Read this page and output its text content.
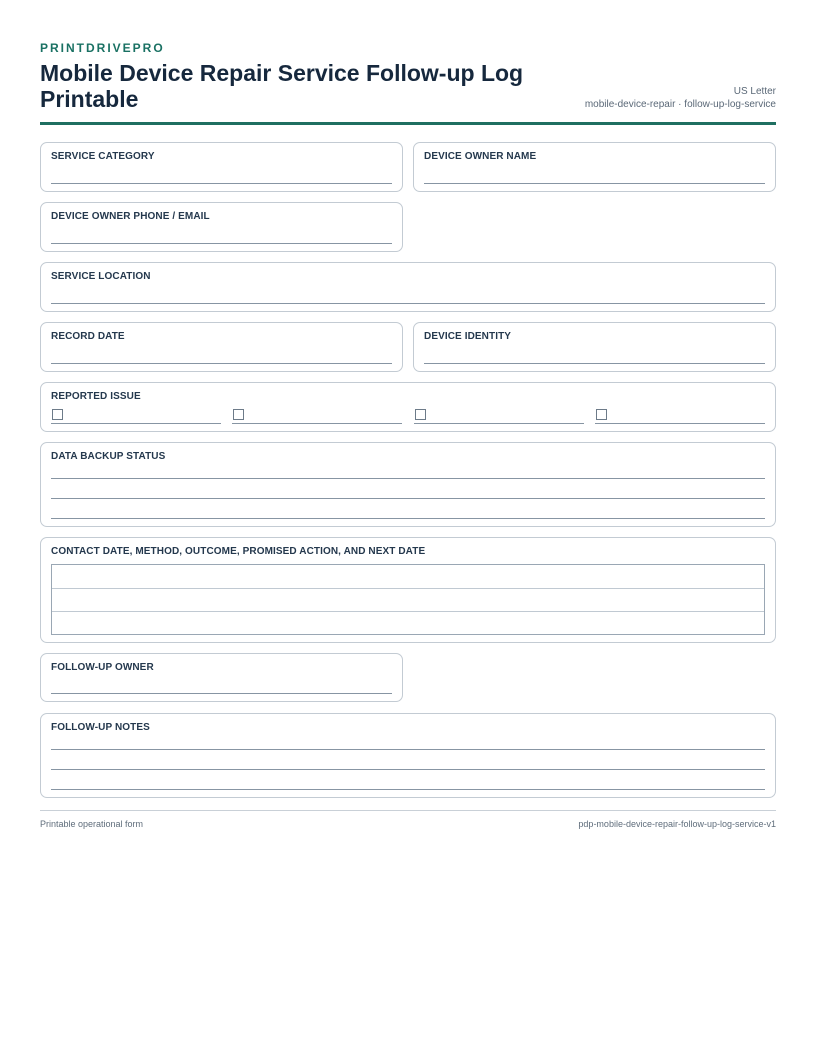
PRINTDRIVEPRO
Mobile Device Repair Service Follow-up Log Printable	US Letter
mobile-device-repair · follow-up-log-service
SERVICE CATEGORY	DEVICE OWNER NAME
DEVICE OWNER PHONE / EMAIL
SERVICE LOCATION
RECORD DATE	DEVICE IDENTITY
REPORTED ISSUE
DATA BACKUP STATUS
CONTACT DATE, METHOD, OUTCOME, PROMISED ACTION, AND NEXT DATE
FOLLOW-UP OWNER
FOLLOW-UP NOTES
Printable operational form	pdp-mobile-device-repair-follow-up-log-service-v1
